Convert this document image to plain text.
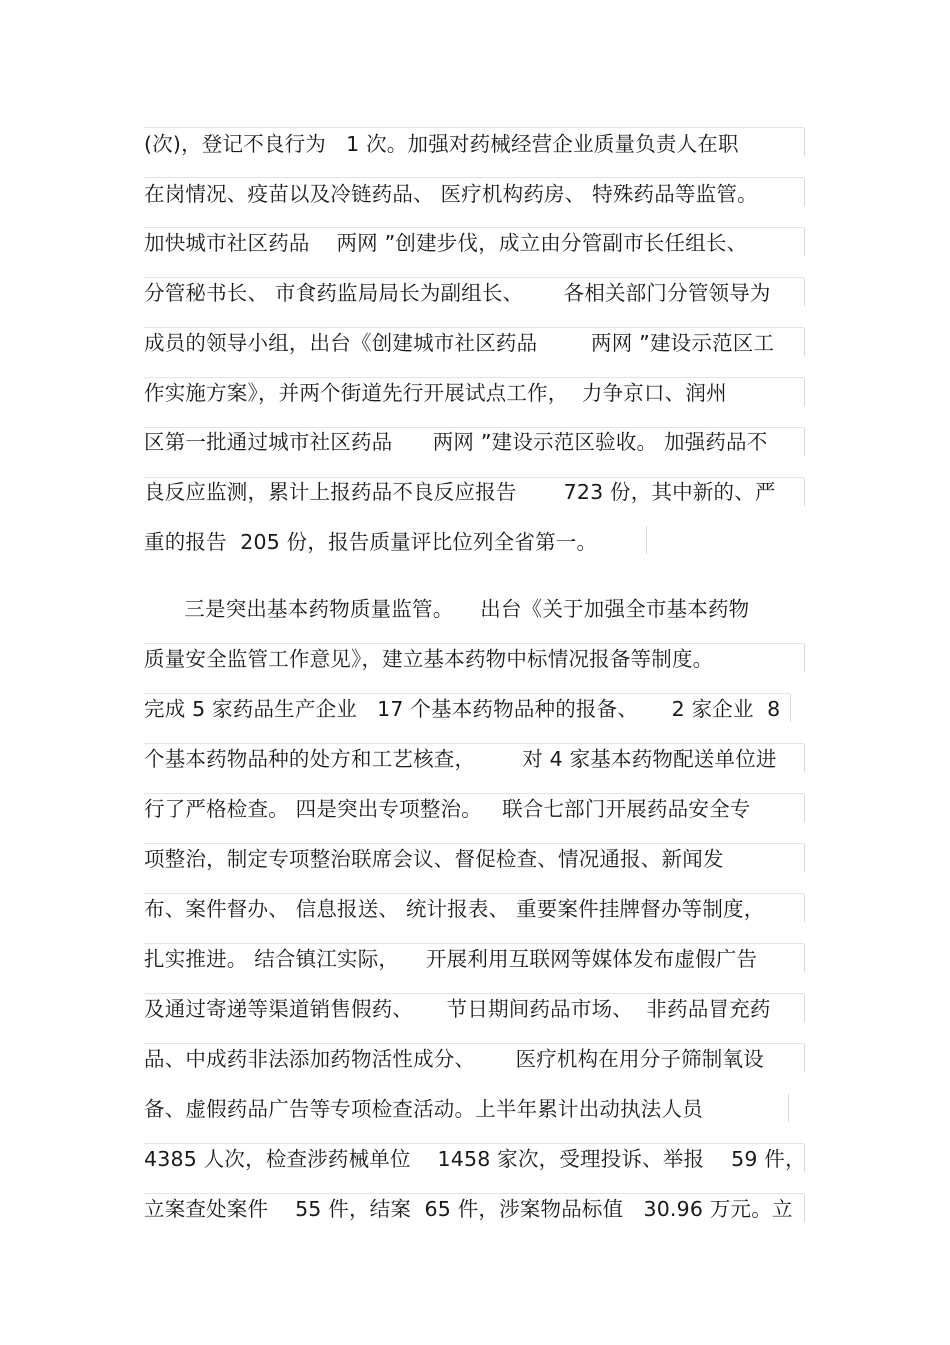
(次)，登记不良行为   1 次。加强对药械经营企业质量负责人在职
在岗情况、疫苗以及冷链药品、 医疗机构药房、 特殊药品等监管。
加快城市社区药品    两网 ”创建步伐，成立由分管副市长任组长、
分管秘书长、 市食药监局局长为副组长、      各相关部门分管领导为
成员的领导小组，出台《创建城市社区药品        两网 ”建设示范区工
作实施方案》，并两个街道先行开展试点工作，  力争京口、润州
区第一批通过城市社区药品      两网 ”建设示范区验收。 加强药品不
良反应监测，累计上报药品不良反应报告       723 份，其中新的、严
重的报告  205 份，报告质量评比位列全省第一。
三是突出基本药物质量监管。    出台《关于加强全市基本药物
质量安全监管工作意见》，建立基本药物中标情况报备等制度。
完成 5 家药品生产企业   17 个基本药物品种的报备、     2 家企业  8
个基本药物品种的处方和工艺核查，       对 4 家基本药物配送单位进
行了严格检查。 四是突出专项整治。   联合七部门开展药品安全专
项整治，制定专项整治联席会议、督促检查、情况通报、新闻发
布、案件督办、 信息报送、 统计报表、 重要案件挂牌督办等制度，
扎实推进。 结合镇江实际，    开展利用互联网等媒体发布虚假广告
及通过寄递等渠道销售假药、     节日期间药品市场、  非药品冒充药
品、中成药非法添加药物活性成分、      医疗机构在用分子筛制氧设
备、虚假药品广告等专项检查活动。上半年累计出动执法人员
4385 人次，检查涉药械单位    1458 家次，受理投诉、举报    59 件，
立案查处案件    55 件，结案  65 件，涉案物品标值   30.96 万元。立
